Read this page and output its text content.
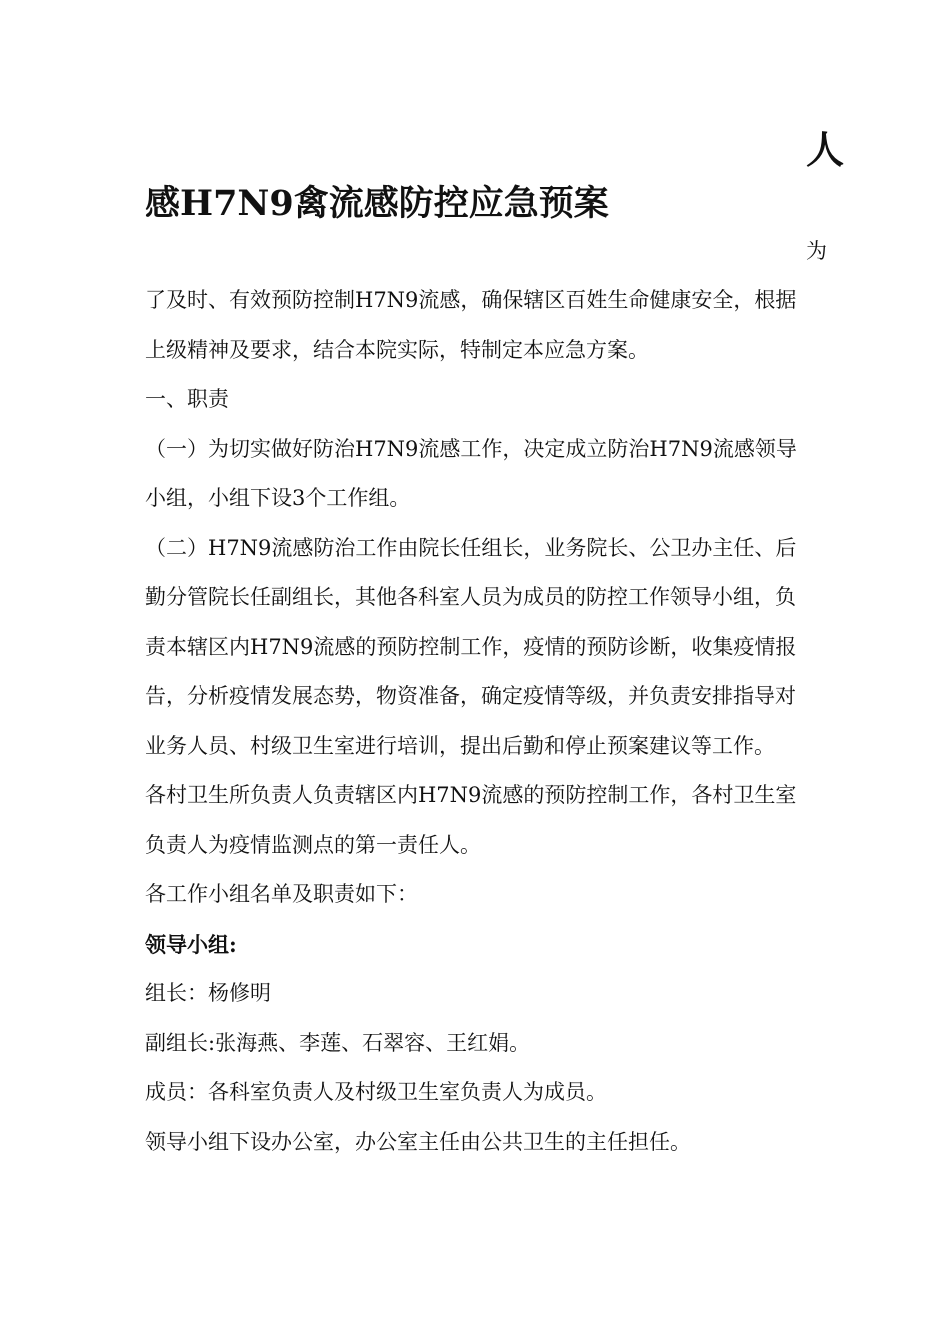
人
感H7N9禽流感防控应急预案
为

了及时、有效预防控制H7N9流感，确保辖区百姓生命健康安全，根据上级精神及要求，结合本院实际，特制定本应急方案。

一、职责

（一）为切实做好防治H7N9流感工作，决定成立防治H7N9流感领导小组，小组下设3个工作组。

（二）H7N9流感防治工作由院长任组长，业务院长、公卫办主任、后勤分管院长任副组长，其他各科室人员为成员的防控工作领导小组，负责本辖区内H7N9流感的预防控制工作，疫情的预防诊断，收集疫情报告，分析疫情发展态势，物资准备，确定疫情等级，并负责安排指导对业务人员、村级卫生室进行培训，提出后勤和停止预案建议等工作。

各村卫生所负责人负责辖区内H7N9流感的预防控制工作，各村卫生室负责人为疫情监测点的第一责任人。

各工作小组名单及职责如下：

领导小组:

组长：杨修明

副组长:张海燕、李莲、石翠容、王红娟。

成员：各科室负责人及村级卫生室负责人为成员。

领导小组下设办公室，办公室主任由公共卫生的主任担任。
